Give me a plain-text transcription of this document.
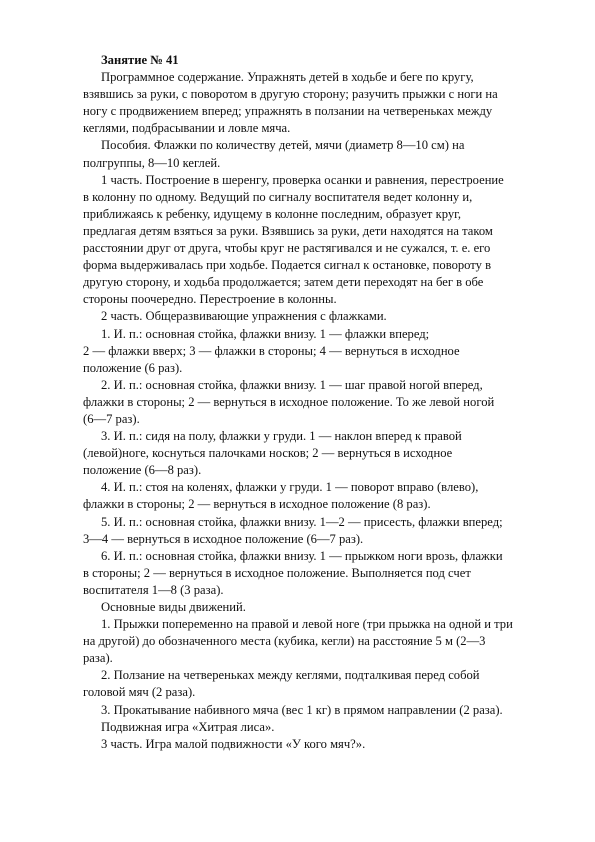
Занятие № 41
Программное содержание. Упражнять детей в ходьбе и беге по кругу,
взявшись за руки, с поворотом в другую сторону; разучить прыжки с ноги на
ногу с продвижением вперед; упражнять в ползании на четвереньках между
кеглями, подбрасывании и ловле мяча.
Пособия. Флажки по количеству детей, мячи (диаметр 8—10 см) на
полгруппы, 8—10 кеглей.
1 часть. Построение в шеренгу, проверка осанки и равнения, перестроение
в колонну по одному. Ведущий по сигналу воспитателя ведет колонну и,
приближаясь к ребенку, идущему в колонне последним, образует круг,
предлагая детям взяться за руки. Взявшись за руки, дети находятся на таком
расстоянии друг от друга, чтобы круг не растягивался и не сужался, т. е. его
форма выдерживалась при ходьбе. Подается сигнал к остановке, повороту в
другую сторону, и ходьба продолжается; затем дети переходят на бег в обе
стороны поочередно. Перестроение в колонны.
2 часть. Общеразвивающие упражнения с флажками.
1. И. п.: основная стойка, флажки внизу. 1 — флажки вперед;
2 — флажки вверх; 3 — флажки в стороны; 4 — вернуться в исходное
положение (6 раз).
2. И. п.: основная стойка, флажки внизу. 1 — шаг правой ногой вперед,
флажки в стороны; 2 — вернуться в исходное положение. То же левой ногой
(6—7 раз).
3. И. п.: сидя на полу, флажки у груди. 1 — наклон вперед к правой
(левой)ноге, коснуться палочками носков; 2 — вернуться в исходное
положение (6—8 раз).
4. И. п.: стоя на коленях, флажки у груди. 1 — поворот вправо (влево),
флажки в стороны; 2 — вернуться в исходное положение (8 раз).
5. И. п.: основная стойка, флажки внизу. 1—2 — присесть, флажки вперед;
3—4 — вернуться в исходное положение (6—7 раз).
6. И. п.: основная стойка, флажки внизу. 1 — прыжком ноги врозь, флажки
в стороны; 2 — вернуться в исходное положение. Выполняется под счет
воспитателя 1—8 (3 раза).
Основные виды движений.
1. Прыжки попеременно на правой и левой ноге (три прыжка на одной и три
на другой) до обозначенного места (кубика, кегли) на расстояние 5 м (2—3
раза).
2. Ползание на четвереньках между кеглями, подталкивая перед собой
головой мяч (2 раза).
3. Прокатывание набивного мяча (вес 1 кг) в прямом направлении (2 раза).
Подвижная игра «Хитрая лиса».
3 часть. Игра малой подвижности «У кого мяч?».
